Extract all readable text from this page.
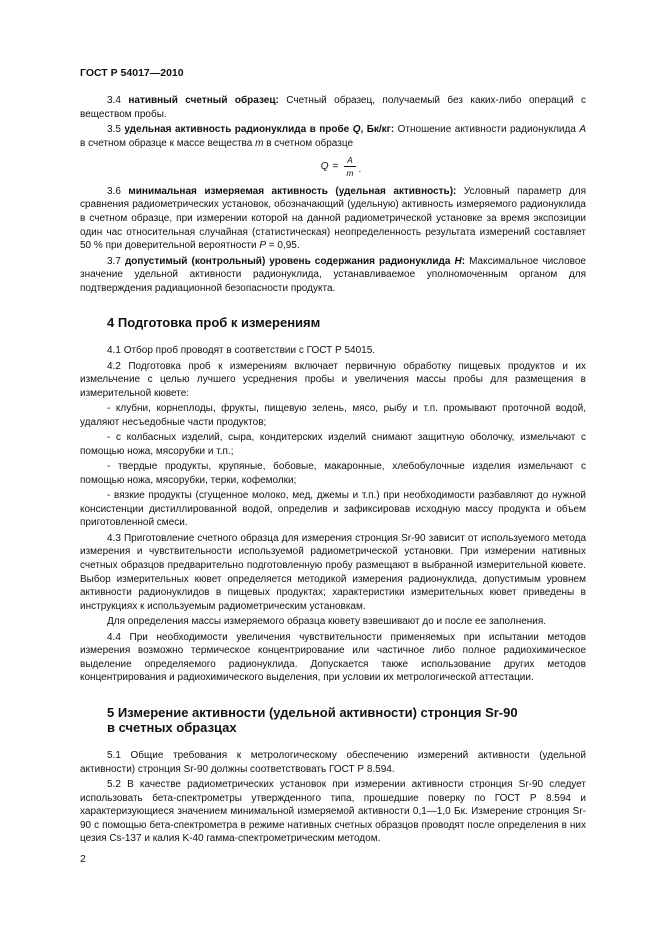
ГОСТ Р 54017—2010

3.4 нативный счетный образец: Счетный образец, получаемый без каких-либо операций с веществом пробы.

3.5 удельная активность радионуклида в пробе Q, Бк/кг: Отношение активности радионуклида A в счетном образце к массе вещества m в счетном образце

$Q = \frac{A}{m}$ .

3.6 минимальная измеряемая активность (удельная активность): Условный параметр для сравнения радиометрических установок, обозначающий (удельную) активность измеряемого радионуклида в счетном образце, при измерении которой на данной радиометрической установке за время экспозиции один час относительная случайная (статистическая) неопределенность результата измерений составляет 50 % при доверительной вероятности P = 0,95.

3.7 допустимый (контрольный) уровень содержания радионуклида H: Максимальное числовое значение удельной активности радионуклида, устанавливаемое уполномоченным органом для подтверждения радиационной безопасности продукта.

4 Подготовка проб к измерениям

4.1 Отбор проб проводят в соответствии с ГОСТ Р 54015.

4.2 Подготовка проб к измерениям включает первичную обработку пищевых продуктов и их измельчение с целью лучшего усреднения пробы и увеличения массы пробы для размещения в измерительной кювете:

- клубни, корнеплоды, фрукты, пищевую зелень, мясо, рыбу и т.п. промывают проточной водой, удаляют несъедобные части продуктов;

- с колбасных изделий, сыра, кондитерских изделий снимают защитную оболочку, измельчают с помощью ножа, мясорубки и т.п.;

- твердые продукты, крупяные, бобовые, макаронные, хлебобулочные изделия измельчают с помощью ножа, мясорубки, терки, кофемолки;

- вязкие продукты (сгущенное молоко, мед, джемы и т.п.) при необходимости разбавляют до нужной консистенции дистиллированной водой, определив и зафиксировав исходную массу продукта и объем приготовленной смеси.

4.3 Приготовление счетного образца для измерения стронция Sr-90 зависит от используемого метода измерения и чувствительности используемой радиометрической установки. При измерении нативных счетных образцов предварительно подготовленную пробу размещают в выбранной измерительной кювете. Выбор измерительных кювет определяется методикой измерения радионуклида, допустимым уровнем активности радионуклидов в пищевых продуктах; характеристики измерительных кювет приведены в инструкциях к используемым радиометрическим установкам.

Для определения массы измеряемого образца кювету взвешивают до и после ее заполнения.

4.4 При необходимости увеличения чувствительности применяемых при испытании методов измерения возможно термическое концентрирование или частичное либо полное радиохимическое выделение определяемого радионуклида. Допускается также использование других методов концентрирования и радиохимического выделения, при условии их метрологической аттестации.

5 Измерение активности (удельной активности) стронция Sr-90
в счетных образцах

5.1 Общие требования к метрологическому обеспечению измерений активности (удельной активности) стронция Sr-90 должны соответствовать ГОСТ Р 8.594.

5.2 В качестве радиометрических установок при измерении активности стронция Sr-90 следует использовать бета-спектрометры утвержденного типа, прошедшие поверку по ГОСТ Р 8.594 и характеризующиеся значением минимальной измеряемой активности 0,1—1,0 Бк. Измерение стронция Sr-90 с помощью бета-спектрометра в режиме нативных счетных образцов проводят после определения в них цезия Cs-137 и калия K-40 гамма-спектрометрическим методом.

2
